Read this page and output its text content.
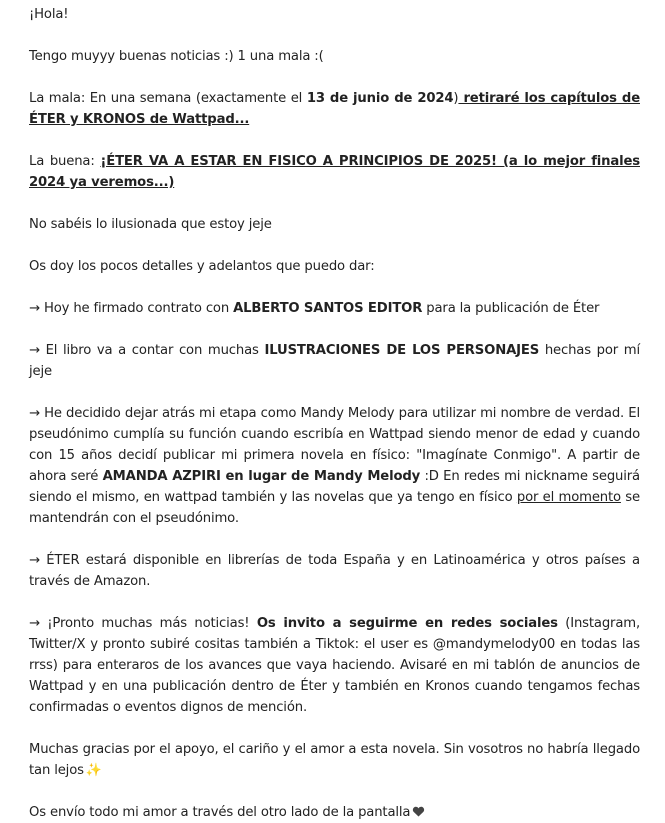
¡Hola!

Tengo muyyy buenas noticias :) 1 una mala :(

La mala: En una semana (exactamente el 13 de junio de 2024) retiraré los capítulos de ÉTER y KRONOS de Wattpad...

La buena: ¡ÉTER VA A ESTAR EN FISICO A PRINCIPIOS DE 2025! (a lo mejor finales 2024 ya veremos...)

No sabéis lo ilusionada que estoy jeje

Os doy los pocos detalles y adelantos que puedo dar:

→ Hoy he firmado contrato con ALBERTO SANTOS EDITOR para la publicación de Éter

→ El libro va a contar con muchas ILUSTRACIONES DE LOS PERSONAJES hechas por mí jeje

→ He decidido dejar atrás mi etapa como Mandy Melody para utilizar mi nombre de verdad. El pseudónimo cumplía su función cuando escribía en Wattpad siendo menor de edad y cuando con 15 años decidí publicar mi primera novela en físico: "Imagínate Conmigo". A partir de ahora seré AMANDA AZPIRI en lugar de Mandy Melody :D En redes mi nickname seguirá siendo el mismo, en wattpad también y las novelas que ya tengo en físico por el momento se mantendrán con el pseudónimo.

→ ÉTER estará disponible en librerías de toda España y en Latinoamérica y otros países a través de Amazon.

→ ¡Pronto muchas más noticias! Os invito a seguirme en redes sociales (Instagram, Twitter/X y pronto subiré cositas también a Tiktok: el user es @mandymelody00 en todas las rrss) para enteraros de los avances que vaya haciendo. Avisaré en mi tablón de anuncios de Wattpad y en una publicación dentro de Éter y también en Kronos cuando tengamos fechas confirmadas o eventos dignos de mención.

Muchas gracias por el apoyo, el cariño y el amor a esta novela. Sin vosotros no habría llegado tan lejos ✨

Os envío todo mi amor a través del otro lado de la pantalla
